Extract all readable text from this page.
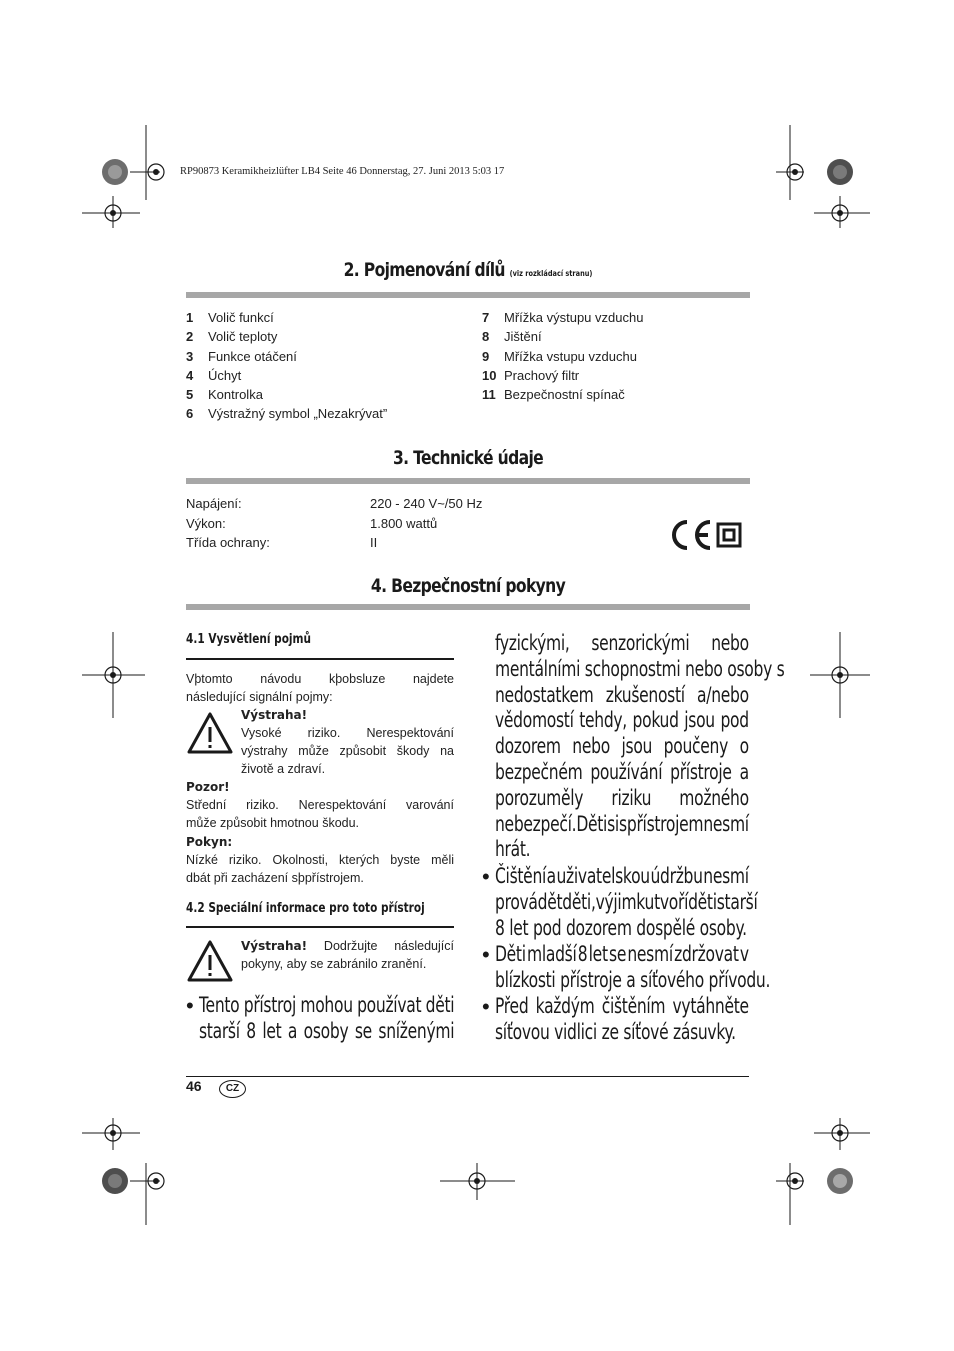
RP90873 Keramikheizlüfter LB4 Seite 46 Donnerstag, 27. Juni 2013 5:03 17
2. Pojmenování dílů (viz rozkládací stranu)
1 Volič funkcí
2 Volič teploty
3 Funkce otáčení
4 Úchyt
5 Kontrolka
6 Výstražný symbol „Nezakrývat”
7 Mřížka výstupu vzduchu
8 Jištění
9 Mřížka vstupu vzduchu
10 Prachový filtr
11 Bezpečnostní spínač
3. Technické údaje
Napájení:	220 - 240 V~/50 Hz
Výkon:	1.800 wattů
Třída ochrany:	II
4. Bezpečnostní pokyny
4.1 Vysvětlení pojmů
Vþtomto návodu kþobsluze najdete
následující signální pojmy:
Výstraha!
Vysoké riziko. Nerespektování
výstrahy může způsobit škody na
životě a zdraví.
Pozor!
Střední riziko. Nerespektování varování
může způsobit hmotnou škodu.
Pokyn:
Nízké riziko. Okolnosti, kterých byste měli
dbát při zacházení sþpřístrojem.
4.2 Speciální informace pro toto přístroj
Výstraha! Dodržujte následující
pokyny, aby se zabránilo zranění.
• Tento přístroj mohou používat děti
starší 8 let a osoby se sníženými
fyzickými, senzorickými nebo
mentálními schopnostmi nebo osoby s
nedostatkem zkušeností a/nebo
vědomostí tehdy, pokud jsou pod
dozorem nebo jsou poučeny o
bezpečném používání přístroje a
porozuměly riziku možného
nebezpečí. Děti si s přístrojem nesmí
hrát.
• Čištění a uživatelskou údržbu nesmí
provádět děti, výjimku tvoří děti starší
8 let pod dozorem dospělé osoby.
• Děti mladší 8 let se nesmí zdržovat v
blízkosti přístroje a síťového přívodu.
• Před každým čištěním vytáhněte
síťovou vidlici ze síťové zásuvky.
46	CZ
